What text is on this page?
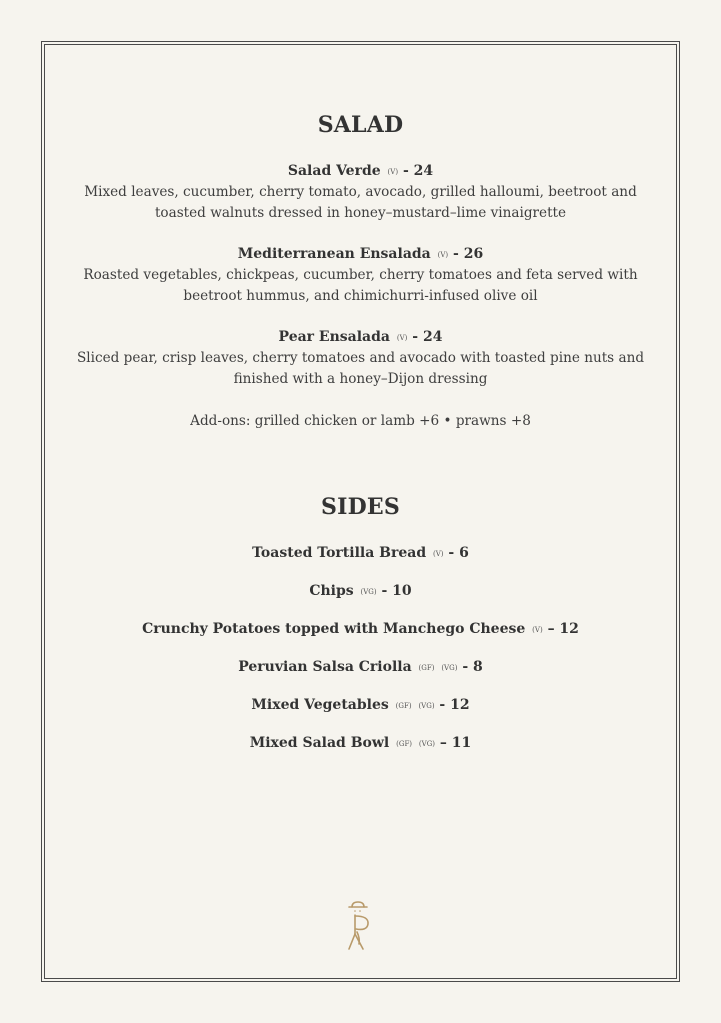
SALAD
Salad Verde (V) - 24
Mixed leaves, cucumber, cherry tomato, avocado, grilled halloumi, beetroot and
toasted walnuts dressed in honey–mustard–lime vinaigrette
Mediterranean Ensalada (V) - 26
Roasted vegetables, chickpeas, cucumber, cherry tomatoes and feta served with
beetroot hummus, and chimichurri-infused olive oil
Pear Ensalada (V) - 24
Sliced pear, crisp leaves, cherry tomatoes and avocado with toasted pine nuts and
finished with a honey–Dijon dressing
Add-ons: grilled chicken or lamb +6 • prawns +8
SIDES
Toasted Tortilla Bread (V) - 6
Chips (VG) - 10
Crunchy Potatoes topped with Manchego Cheese (V) – 12
Peruvian Salsa Criolla (GF) (VG) - 8
Mixed Vegetables (GF) (VG) - 12
Mixed Salad Bowl (GF) (VG) – 11
